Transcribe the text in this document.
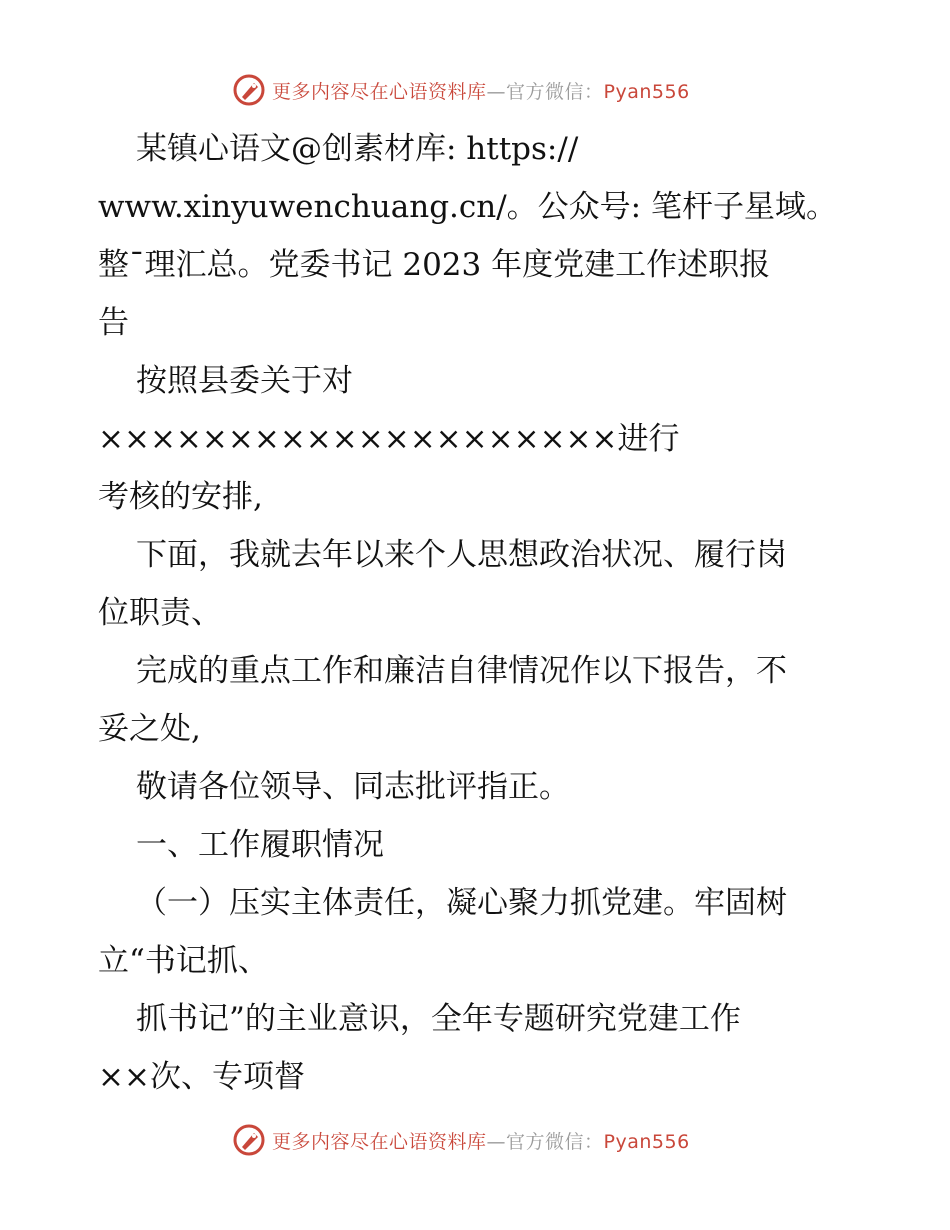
更多内容尽在心语资料库—官方微信：Pyan556
某镇心语文@创素材库: https://
www.xinyuwenchuang.cn/。公众号: 笔杆子星域。
整¯理汇总。党委书记 2023 年度党建工作述职报
告
按照县委关于对
××××××××××××××××××××进行
考核的安排,
下面，我就去年以来个人思想政治状况、履行岗
位职责、
完成的重点工作和廉洁自律情况作以下报告，不
妥之处,
敬请各位领导、同志批评指正。
一、工作履职情况
（一）压实主体责任，凝心聚力抓党建。牢固树
立“书记抓、
抓书记”的主业意识，全年专题研究党建工作
××次、专项督
更多内容尽在心语资料库—官方微信：Pyan556
